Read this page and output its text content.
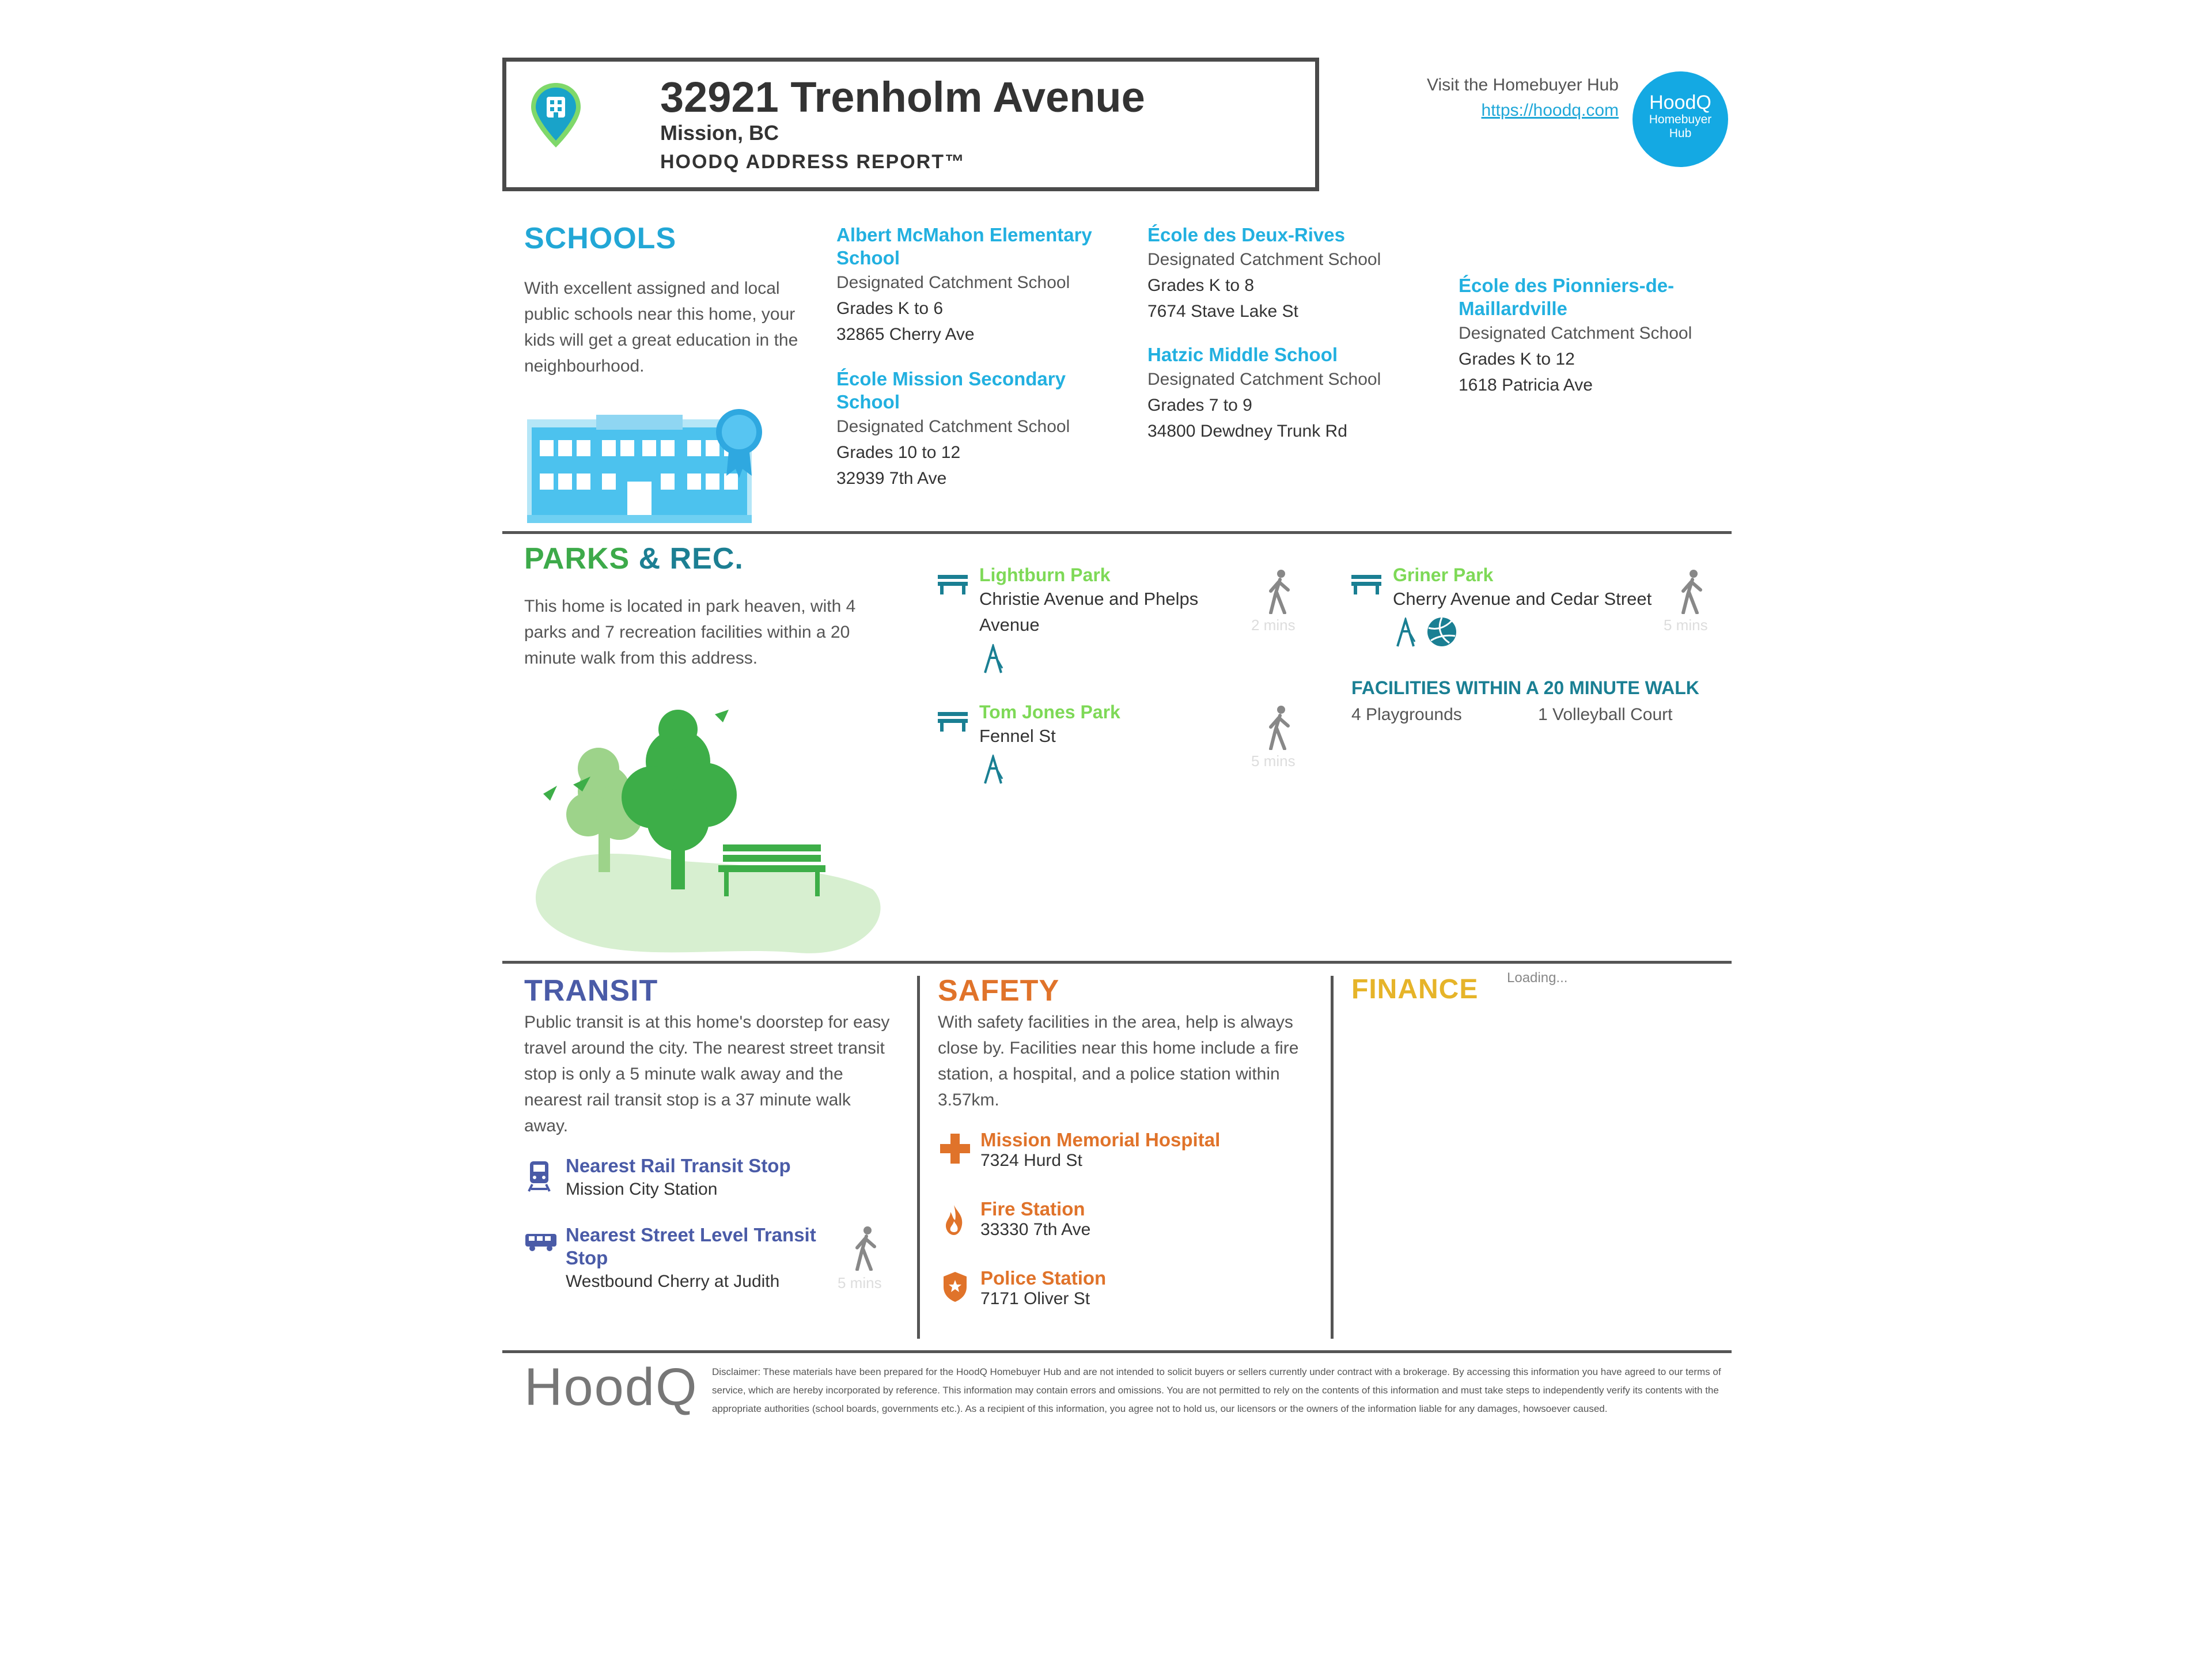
32921 Trenholm Avenue
Mission, BC
HOODQ ADDRESS REPORT™
Visit the Homebuyer Hub
https://hoodq.com	HoodQ
Homebuyer
Hub
SCHOOLS
With excellent assigned and local public schools near this home, your kids will get a great education in the neighbourhood.
Albert McMahon Elementary School
Designated Catchment School
Grades K to 6
32865 Cherry Ave
École Mission Secondary School
Designated Catchment School
Grades 10 to 12
32939 7th Ave
École des Deux-Rives
Designated Catchment School
Grades K to 8
7674 Stave Lake St
Hatzic Middle School
Designated Catchment School
Grades 7 to 9
34800 Dewdney Trunk Rd
École des Pionniers-de-Maillardville
Designated Catchment School
Grades K to 12
1618 Patricia Ave
PARKS & REC.
This home is located in park heaven, with 4 parks and 7 recreation facilities within a 20 minute walk from this address.
Lightburn Park
Christie Avenue and Phelps Avenue	2 mins
Tom Jones Park
Fennel St
5 mins
Griner Park
Cherry Avenue and Cedar Street
5 mins
FACILITIES WITHIN A 20 MINUTE WALK
4 Playgrounds	1 Volleyball Court
TRANSIT
Public transit is at this home's doorstep for easy travel around the city. The nearest street transit stop is only a 5 minute walk away and the nearest rail transit stop is a 37 minute walk away.
Nearest Rail Transit Stop
Mission City Station
Nearest Street Level Transit Stop
Westbound Cherry at Judith	5 mins
SAFETY
With safety facilities in the area, help is always close by. Facilities near this home include a fire station, a hospital, and a police station within 3.57km.
Mission Memorial Hospital
7324 Hurd St
Fire Station
33330 7th Ave
Police Station
7171 Oliver St
FINANCE Loading...
HoodQ Disclaimer: These materials have been prepared for the HoodQ Homebuyer Hub and are not intended to solicit buyers or sellers currently under contract with a brokerage. By accessing this information you have agreed to our terms of service, which are hereby incorporated by reference. This information may contain errors and omissions. You are not permitted to rely on the contents of this information and must take steps to independently verify its contents with the appropriate authorities (school boards, governments etc.). As a recipient of this information, you agree not to hold us, our licensors or the owners of the information liable for any damages, howsoever caused.
